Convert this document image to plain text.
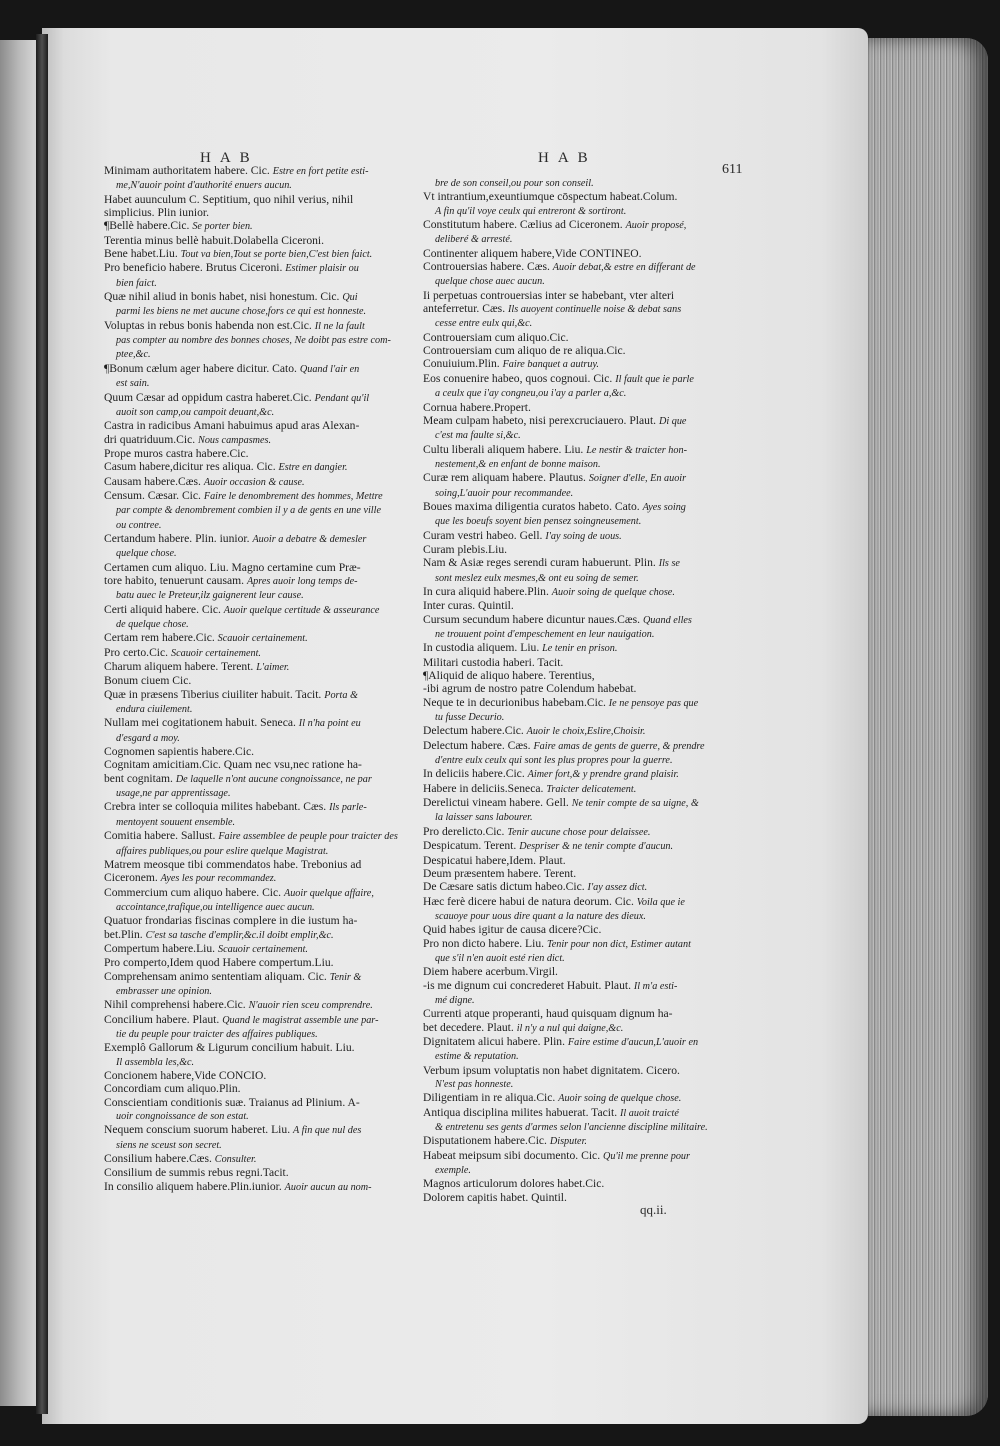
HAB	HAB
611
Minimam authoritatem habere. Cic. Estre en fort petite esti-
me,N'auoir point d'authorité enuers aucun.
Habet auunculum C. Septitium, quo nihil verius, nihil
simplicius. Plin iunior.
¶Bellè habere.Cic. Se porter bien.
Terentia minus bellè habuit.Dolabella Ciceroni.
Bene habet.Liu. Tout va bien,Tout se porte bien,C'est bien faict.
Pro beneficio habere. Brutus Ciceroni. Estimer plaisir ou
bien faict.
Quæ nihil aliud in bonis habet, nisi honestum. Cic. Qui
parmi les biens ne met aucune chose,fors ce qui est honneste.
Voluptas in rebus bonis habenda non est.Cic. Il ne la fault
pas compter au nombre des bonnes choses, Ne doibt pas estre com-
ptee,&c.
¶Bonum cælum ager habere dicitur. Cato. Quand l'air en
est sain.
Quum Cæsar ad oppidum castra haberet.Cic. Pendant qu'il
auoit son camp,ou campoit deuant,&c.
Castra in radicibus Amani habuimus apud aras Alexan-
dri quatriduum.Cic. Nous campasmes.
Prope muros castra habere.Cic.
Casum habere,dicitur res aliqua. Cic. Estre en dangier.
Causam habere.Cæs. Auoir occasion & cause.
Censum. Cæsar. Cic. Faire le denombrement des hommes, Mettre
par compte & denombrement combien il y a de gents en une ville
ou contree.
Certandum habere. Plin. iunior. Auoir a debatre & demesler
quelque chose.
Certamen cum aliquo. Liu. Magno certamine cum Præ-
tore habito, tenuerunt causam. Apres auoir long temps de-
batu auec le Preteur,ilz gaignerent leur cause.
Certi aliquid habere. Cic. Auoir quelque certitude & asseurance
de quelque chose.
Certam rem habere.Cic. Scauoir certainement.
Pro certo.Cic. Scauoir certainement.
Charum aliquem habere. Terent. L'aimer.
Bonum ciuem Cic.
Quæ in præsens Tiberius ciuiliter habuit. Tacit. Porta &
endura ciuilement.
Nullam mei cogitationem habuit. Seneca. Il n'ha point eu
d'esgard a moy.
Cognomen sapientis habere.Cic.
Cognitam amicitiam.Cic. Quam nec vsu,nec ratione ha-
bent cognitam. De laquelle n'ont aucune congnoissance, ne par
usage,ne par apprentissage.
Crebra inter se colloquia milites habebant. Cæs. Ils parle-
mentoyent souuent ensemble.
Comitia habere. Sallust. Faire assemblee de peuple pour traicter des
affaires publiques,ou pour eslire quelque Magistrat.
Matrem meosque tibi commendatos habe. Trebonius ad
Ciceronem. Ayes les pour recommandez.
Commercium cum aliquo habere. Cic. Auoir quelque affaire,
accointance,trafique,ou intelligence auec aucun.
Quatuor frondarias fiscinas complere in die iustum ha-
bet.Plin. C'est sa tasche d'emplir,&c.il doibt emplir,&c.
Compertum habere.Liu. Scauoir certainement.
Pro comperto,Idem quod Habere compertum.Liu.
Comprehensam animo sententiam aliquam. Cic. Tenir &
embrasser une opinion.
Nihil comprehensi habere.Cic. N'auoir rien sceu comprendre.
Concilium habere. Plaut. Quand le magistrat assemble une par-
tie du peuple pour traicter des affaires publiques.
Exemplô Gallorum & Ligurum concilium habuit. Liu.
Il assembla les,&c.
Concionem habere,Vide CONCIO.
Concordiam cum aliquo.Plin.
Conscientiam conditionis suæ. Traianus ad Plinium. A-
uoir congnoissance de son estat.
Nequem conscium suorum haberet. Liu. A fin que nul des
siens ne sceust son secret.
Consilium habere.Cæs. Consulter.
Consilium de summis rebus regni.Tacit.
In consilio aliquem habere.Plin.iunior. Auoir aucun au nom-
bre de son conseil,ou pour son conseil.
Vt intrantium,exeuntiumque cōspectum habeat.Colum.
A fin qu'il voye ceulx qui entreront & sortiront.
Constitutum habere. Cælius ad Ciceronem. Auoir proposé,
deliberé & arresté.
Continenter aliquem habere,Vide CONTINEO.
Controuersias habere. Cæs. Auoir debat,& estre en differant de
quelque chose auec aucun.
Ii perpetuas controuersias inter se habebant, vter alteri
anteferretur. Cæs. Ils auoyent continuelle noise & debat sans
cesse entre eulx qui,&c.
Controuersiam cum aliquo.Cic.
Controuersiam cum aliquo de re aliqua.Cic.
Conuiuium.Plin. Faire banquet a autruy.
Eos conuenire habeo, quos cognoui. Cic. Il fault que ie parle
a ceulx que i'ay congneu,ou i'ay a parler a,&c.
Cornua habere.Propert.
Meam culpam habeto, nisi perexcruciauero. Plaut. Di que
c'est ma faulte si,&c.
Cultu liberali aliquem habere. Liu. Le nestir & traicter hon-
nestement,& en enfant de bonne maison.
Curæ rem aliquam habere. Plautus. Soigner d'elle, En auoir
soing,L'auoir pour recommandee.
Boues maxima diligentia curatos habeto. Cato. Ayes soing
que les boeufs soyent bien pensez soingneusement.
Curam vestri habeo. Gell. I'ay soing de uous.
Curam plebis.Liu.
Nam & Asiæ reges serendi curam habuerunt. Plin. Ils se
sont meslez eulx mesmes,& ont eu soing de semer.
In cura aliquid habere.Plin. Auoir soing de quelque chose.
Inter curas. Quintil.
Cursum secundum habere dicuntur naues.Cæs. Quand elles
ne trouuent point d'empeschement en leur nauigation.
In custodia aliquem. Liu. Le tenir en prison.
Militari custodia haberi. Tacit.
¶Aliquid de aliquo habere. Terentius,
-ibi agrum de nostro patre Colendum habebat.
Neque te in decurionibus habebam.Cic. Ie ne pensoye pas que
tu fusse Decurio.
Delectum habere.Cic. Auoir le choix,Eslire,Choisir.
Delectum habere. Cæs. Faire amas de gents de guerre, & prendre
d'entre eulx ceulx qui sont les plus propres pour la guerre.
In deliciis habere.Cic. Aimer fort,& y prendre grand plaisir.
Habere in deliciis.Seneca. Traicter delicatement.
Derelictui vineam habere. Gell. Ne tenir compte de sa uigne, &
la laisser sans labourer.
Pro derelicto.Cic. Tenir aucune chose pour delaissee.
Despicatum. Terent. Despriser & ne tenir compte d'aucun.
Despicatui habere,Idem. Plaut.
Deum præsentem habere. Terent.
De Cæsare satis dictum habeo.Cic. I'ay assez dict.
Hæc ferè dicere habui de natura deorum. Cic. Voila que ie
scauoye pour uous dire quant a la nature des dieux.
Quid habes igitur de causa dicere?Cic.
Pro non dicto habere. Liu. Tenir pour non dict, Estimer autant
que s'il n'en auoit esté rien dict.
Diem habere acerbum.Virgil.
-is me dignum cui concrederet Habuit. Plaut. Il m'a esti-
mé digne.
Currenti atque properanti, haud quisquam dignum ha-
bet decedere. Plaut. il n'y a nul qui daigne,&c.
Dignitatem alicui habere. Plin. Faire estime d'aucun,L'auoir en
estime & reputation.
Verbum ipsum voluptatis non habet dignitatem. Cicero.
N'est pas honneste.
Diligentiam in re aliqua.Cic. Auoir soing de quelque chose.
Antiqua disciplina milites habuerat. Tacit. Il auoit traicté
& entretenu ses gents d'armes selon l'ancienne discipline militaire.
Disputationem habere.Cic. Disputer.
Habeat meipsum sibi documento. Cic. Qu'il me prenne pour
exemple.
Magnos articulorum dolores habet.Cic.
Dolorem capitis habet. Quintil.
qq.ii.
